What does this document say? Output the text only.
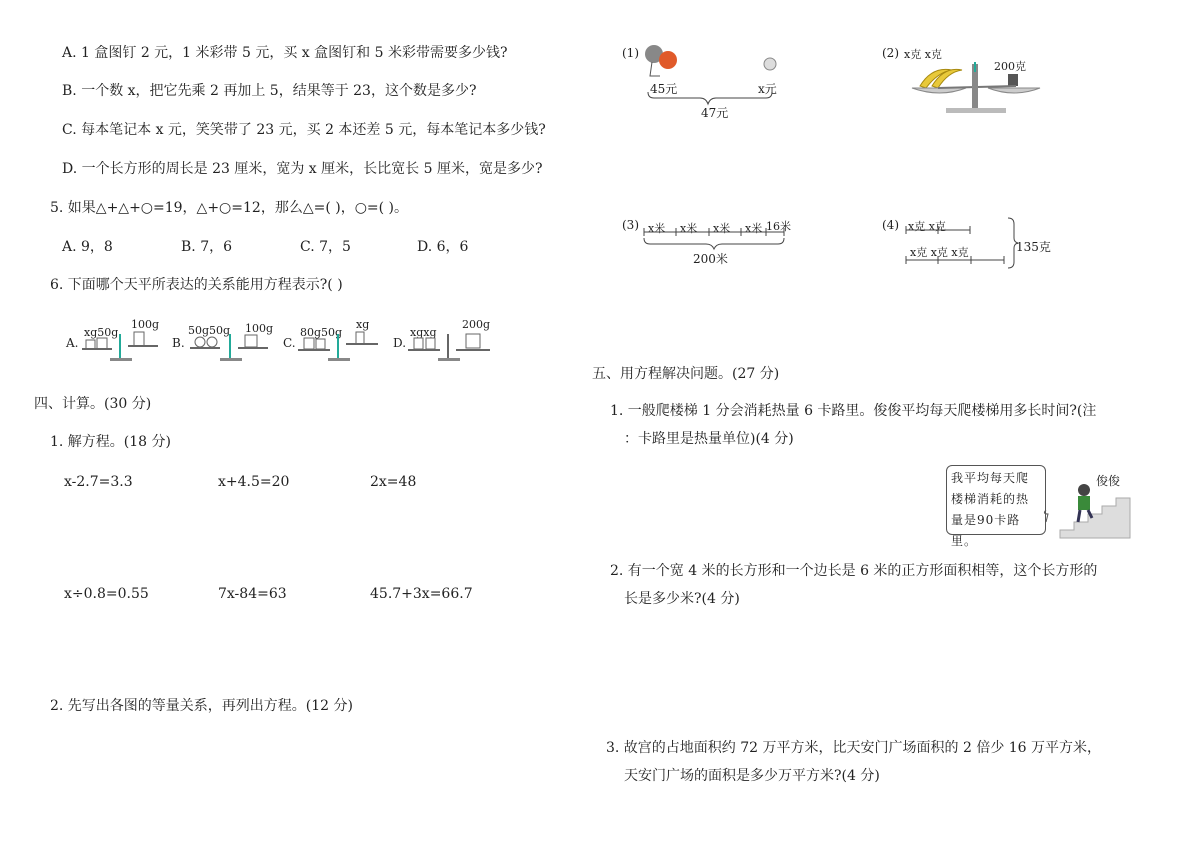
A. 1 盒图钉 2 元，1 米彩带 5 元，买 x 盒图钉和 5 米彩带需要多少钱?
B. 一个数 x，把它先乘 2 再加上 5，结果等于 23，这个数是多少?
C. 每本笔记本 x 元，笑笑带了 23 元，买 2 本还差 5 元，每本笔记本多少钱?
D. 一个长方形的周长是 23 厘米，宽为 x 厘米，长比宽长 5 厘米，宽是多少?
5. 如果△+△+○=19，△+○=12，那么△=( )，○=( )。
A. 9，8	B. 7，6	C. 7，5	D. 6，6
6. 下面哪个天平所表达的关系能用方程表示?( )
A.
xg50g
100g
B.
50g50g 100g
C.
80g50g
xg
D.
xgxg
200g
四、计算。(30 分)
1. 解方程。(18 分)
x-2.7=3.3	x+4.5=20	2x=48
x÷0.8=0.55	7x-84=63	45.7+3x=66.7
2. 先写出各图的等量关系，再列出方程。(12 分)
(1)
45元	x元
47元
(2) x克 x克
200克
(3) x米 x米 x米 x米 16米
200米
(4) x克 x克
x克 x克 x克	135克
五、用方程解决问题。(27 分)
1. 一般爬楼梯 1 分会消耗热量 6 卡路里。俊俊平均每天爬楼梯用多长时间?(注
：卡路里是热量单位)(4 分)
我平均每天爬楼梯消耗的热量是90卡路里。
俊俊
2. 有一个宽 4 米的长方形和一个边长是 6 米的正方形面积相等，这个长方形的
长是多少米?(4 分)
3. 故宫的占地面积约 72 万平方米，比天安门广场面积的 2 倍少 16 万平方米，
天安门广场的面积是多少万平方米?(4 分)
